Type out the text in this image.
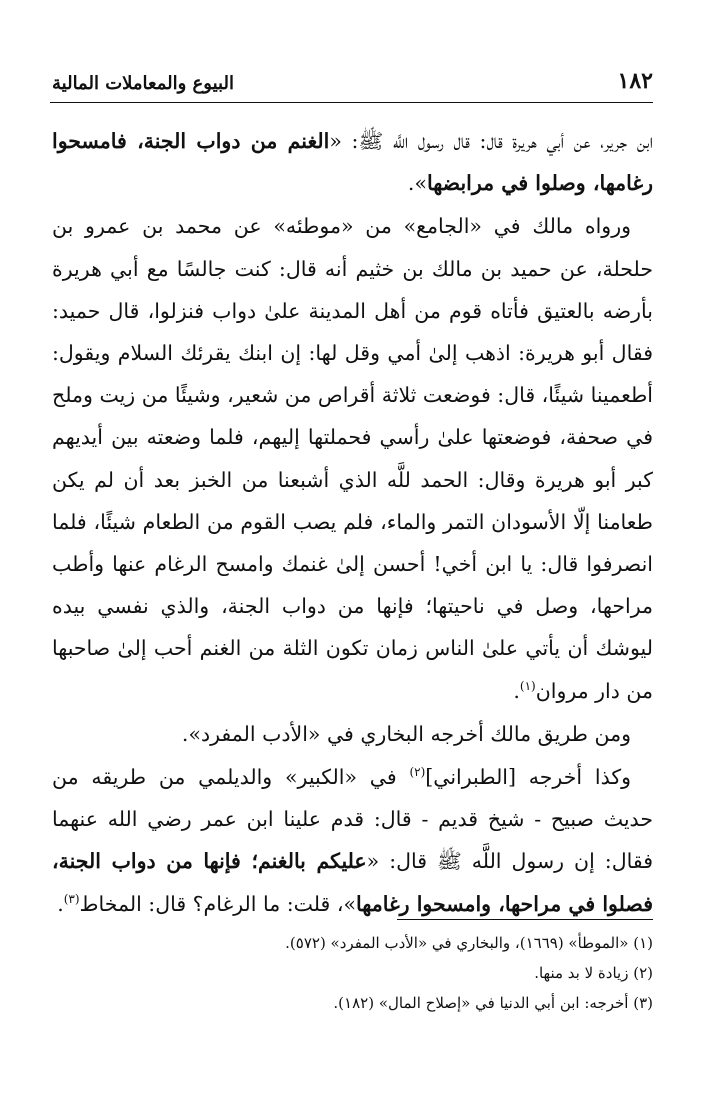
١٨٢
البيوع والمعاملات المالية

ابن جرير، عن أبي هريرة قال: قال رسول اللَّه ﷺ: «الغنم من دواب الجنة، فامسحوا رغامها، وصلوا في مرابضها».

ورواه مالك في «الجامع» من «موطئه» عن محمد بن عمرو بن حلحلة، عن حميد بن مالك بن خثيم أنه قال: كنت جالسًا مع أبي هريرة بأرضه بالعتيق فأتاه قوم من أهل المدينة علىٰ دواب فنزلوا، قال حميد: فقال أبو هريرة: اذهب إلىٰ أمي وقل لها: إن ابنك يقرئك السلام ويقول: أطعمينا شيئًا، قال: فوضعت ثلاثة أقراص من شعير، وشيئًا من زيت وملح في صحفة، فوضعتها علىٰ رأسي فحملتها إليهم، فلما وضعته بين أيديهم كبر أبو هريرة وقال: الحمد للَّه الذي أشبعنا من الخبز بعد أن لم يكن طعامنا إلّا الأسودان التمر والماء، فلم يصب القوم من الطعام شيئًا، فلما انصرفوا قال: يا ابن أخي! أحسن إلىٰ غنمك وامسح الرغام عنها وأطب مراحها، وصل في ناحيتها؛ فإنها من دواب الجنة، والذي نفسي بيده ليوشك أن يأتي علىٰ الناس زمان تكون الثلة من الغنم أحب إلىٰ صاحبها من دار مروان$^{(١)}$.

ومن طريق مالك أخرجه البخاري في «الأدب المفرد».

وكذا أخرجه [الطبراني]$^{(٢)}$ في «الكبير» والديلمي من طريقه من حديث صبيح - شيخ قديم - قال: قدم علينا ابن عمر رضي الله عنهما فقال: إن رسول اللَّه ﷺ قال: «عليكم بالغنم؛ فإنها من دواب الجنة، فصلوا في مراحها، وامسحوا رغامها»، قلت: ما الرغام؟ قال: المخاط$^{(٣)}$.

(١) «الموطأ» (١٦٦٩)، والبخاري في «الأدب المفرد» (٥٧٢).

(٢) زيادة لا بد منها.

(٣) أخرجه: ابن أبي الدنيا في «إصلاح المال» (١٨٢).
